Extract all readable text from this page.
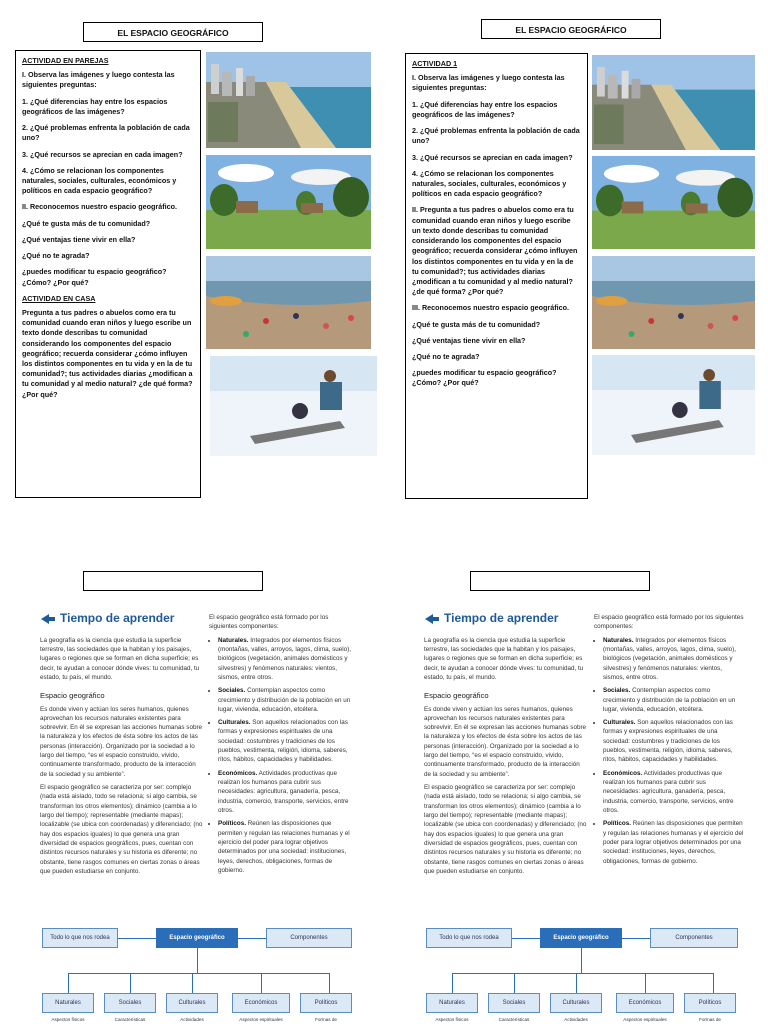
EL ESPACIO GEOGRÁFICO

ACTIVIDAD EN PAREJAS

I. Observa las imágenes y luego contesta las siguientes preguntas:

1. ¿Qué diferencias hay entre los espacios geográficos de las imágenes?

2. ¿Qué problemas enfrenta la población de cada uno?

3. ¿Qué recursos se aprecian en cada imagen?

4. ¿Cómo se relacionan los componentes naturales, sociales, culturales, económicos y políticos en cada espacio geográfico?

II. Reconocemos nuestro espacio geográfico.

¿Qué te gusta más de tu comunidad?

¿Qué ventajas tiene vivir en ella?

¿Qué no te agrada?

¿puedes modificar tu espacio geográfico? ¿Cómo? ¿Por qué?

ACTIVIDAD EN CASA

Pregunta a tus padres o abuelos como era tu comunidad cuando eran niños y luego escribe un texto donde describas tu comunidad considerando los componentes del espacio geográfico; recuerda considerar ¿cómo influyen los distintos componentes en tu vida y en la de tu comunidad?; tus actividades diarias ¿modifican a tu comunidad y al medio natural? ¿de qué forma? ¿Por qué?

EL ESPACIO GEOGRÁFICO

ACTIVIDAD 1

I. Observa las imágenes y luego contesta las siguientes preguntas:

1. ¿Qué diferencias hay entre los espacios geográficos de las imágenes?

2. ¿Qué problemas enfrenta la población de cada uno?

3. ¿Qué recursos se aprecian en cada imagen?

4. ¿Cómo se relacionan los componentes naturales, sociales, culturales, económicos y políticos en cada espacio geográfico?

II. Pregunta a tus padres o abuelos como era tu comunidad cuando eran niños y luego escribe un texto donde describas tu comunidad considerando los componentes del espacio geográfico; recuerda considerar ¿cómo influyen los distintos componentes en tu vida y en la de tu comunidad?; tus actividades diarias ¿modifican a tu comunidad y al medio natural? ¿de qué forma? ¿Por qué?

III. Reconocemos nuestro espacio geográfico.

¿Qué te gusta más de tu comunidad?

¿Qué ventajas tiene vivir en ella?

¿Qué no te agrada?

¿puedes modificar tu espacio geográfico? ¿Cómo? ¿Por qué?

Tiempo de aprender

La geografía es la ciencia que estudia la superficie terrestre, las sociedades que la habitan y los paisajes, lugares o regiones que se forman en dicha superficie; es decir, te ayudan a conocer dónde vives: tu comunidad, tu estado, tu país, el mundo.

Espacio geográfico

Es donde viven y actúan los seres humanos, quienes aprovechan los recursos naturales existentes para sobrevivir. En él se expresan las acciones humanas sobre la naturaleza y los efectos de ésta sobre los actos de las personas (interacción). Organizado por la sociedad a lo largo del tiempo, “es el espacio construido, vivido, continuamente transformado, producto de la interacción de la sociedad y su ambiente”.

El espacio geográfico se caracteriza por ser: complejo (nada está aislado, todo se relaciona; si algo cambia, se transforman los otros elementos); dinámico (cambia a lo largo del tiempo); representable (mediante mapas); localizable (se ubica con coordenadas) y diferenciado; (no hay dos espacios iguales) lo que genera una gran diversidad de espacios geográficos, pues, cuentan con distintos recursos naturales y su historia es diferente; no obstante, tiene rasgos comunes en ciertas zonas o áreas que pueden estudiarse en conjunto.

El espacio geográfico está formado por los siguientes componentes:

• Naturales. Integrados por elementos físicos (montañas, valles, arroyos, lagos, clima, suelo), biológicos (vegetación, animales domésticos y silvestres) y fenómenos naturales: vientos, sismos, entre otros.
• Sociales. Contemplan aspectos como crecimiento y distribución de la población en un lugar, vivienda, educación, etcétera.
• Culturales. Son aquellos relacionados con las formas y expresiones espirituales de una sociedad: costumbres y tradiciones de los pueblos, vestimenta, religión, idioma, saberes, ritos, hábitos, capacidades y habilidades.
• Económicos. Actividades productivas que realizan los humanos para cubrir sus necesidades: agricultura, ganadería, pesca, industria, comercio, transporte, servicios, entre otros.
• Políticos. Reúnen las disposiciones que permiten y regulan las relaciones humanas y el ejercicio del poder para lograr objetivos determinados por una sociedad: instituciones, leyes, derechos, obligaciones, formas de gobierno.
Todo lo que nos rodea	Espacio geográfico	Componentes
Naturales	Sociales	Culturales	Económicos	Políticos
Aspectos físicos	Características	Actividades	Aspectos espirituales	Formas de
Tiempo de aprender

La geografía es la ciencia que estudia la superficie terrestre, las sociedades que la habitan y los paisajes, lugares o regiones que se forman en dicha superficie; es decir, te ayudan a conocer dónde vives: tu comunidad, tu estado, tu país, el mundo.

Espacio geográfico

Es donde viven y actúan los seres humanos, quienes aprovechan los recursos naturales existentes para sobrevivir. En él se expresan las acciones humanas sobre la naturaleza y los efectos de ésta sobre los actos de las personas (interacción). Organizado por la sociedad a lo largo del tiempo, “es el espacio construido, vivido, continuamente transformado, producto de la interacción de la sociedad y su ambiente”.

El espacio geográfico se caracteriza por ser: complejo (nada está aislado, todo se relaciona; si algo cambia, se transforman los otros elementos); dinámico (cambia a lo largo del tiempo); representable (mediante mapas); localizable (se ubica con coordenadas) y diferenciado; (no hay dos espacios iguales) lo que genera una gran diversidad de espacios geográficos, pues, cuentan con distintos recursos naturales y su historia es diferente; no obstante, tiene rasgos comunes en ciertas zonas o áreas que pueden estudiarse en conjunto.

El espacio geográfico está formado por los siguientes componentes:

• Naturales. Integrados por elementos físicos (montañas, valles, arroyos, lagos, clima, suelo), biológicos (vegetación, animales domésticos y silvestres) y fenómenos naturales: vientos, sismos, entre otros.
• Sociales. Contemplan aspectos como crecimiento y distribución de la población en un lugar, vivienda, educación, etcétera.
• Culturales. Son aquellos relacionados con las formas y expresiones espirituales de una sociedad: costumbres y tradiciones de los pueblos, vestimenta, religión, idioma, saberes, ritos, hábitos, capacidades y habilidades.
• Económicos. Actividades productivas que realizan los humanos para cubrir sus necesidades: agricultura, ganadería, pesca, industria, comercio, transporte, servicios, entre otros.
• Políticos. Reúnen las disposiciones que permiten y regulan las relaciones humanas y el ejercicio del poder para lograr objetivos determinados por una sociedad: instituciones, leyes, derechos, obligaciones, formas de gobierno.
Todo lo que nos rodea	Espacio geográfico	Componentes
Naturales	Sociales	Culturales	Económicos	Políticos
Aspectos físicos	Características	Actividades	Aspectos espirituales	Formas de
